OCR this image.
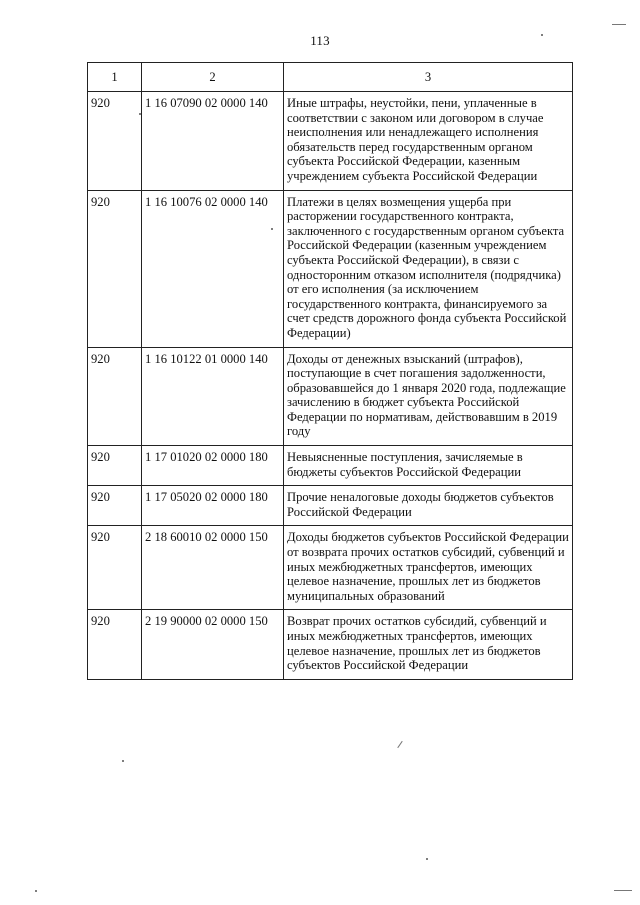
113
1	2	3
920	1 16 07090 02 0000 140	Иные штрафы, неустойки, пени, уплаченные в соответствии с законом или договором в случае неисполнения или ненадлежащего исполнения обязательств перед государственным органом субъекта Российской Федерации, казенным учреждением субъекта Российской Федерации
920	1 16 10076 02 0000 140	Платежи в целях возмещения ущерба при расторжении государственного контракта, заключенного с государственным органом субъекта Российской Федерации (казенным учреждением субъекта Российской Федерации), в связи с односторонним отказом исполнителя (подрядчика) от его исполнения (за исключением государственного контракта, финансируемого за счет средств дорожного фонда субъекта Российской Федерации)
920	1 16 10122 01 0000 140	Доходы от денежных взысканий (штрафов), поступающие в счет погашения задолженности, образовавшейся до 1 января 2020 года, подлежащие зачислению в бюджет субъекта Российской Федерации по нормативам, действовавшим в 2019 году
920	1 17 01020 02 0000 180	Невыясненные поступления, зачисляемые в бюджеты субъектов Российской Федерации
920	1 17 05020 02 0000 180	Прочие неналоговые доходы бюджетов субъектов Российской Федерации
920	2 18 60010 02 0000 150	Доходы бюджетов субъектов Российской Федерации от возврата прочих остатков субсидий, субвенций и иных межбюджетных трансфертов, имеющих целевое назначение, прошлых лет из бюджетов муниципальных образований
920	2 19 90000 02 0000 150	Возврат прочих остатков субсидий, субвенций и иных межбюджетных трансфертов, имеющих целевое назначение, прошлых лет из бюджетов субъектов Российской Федерации
